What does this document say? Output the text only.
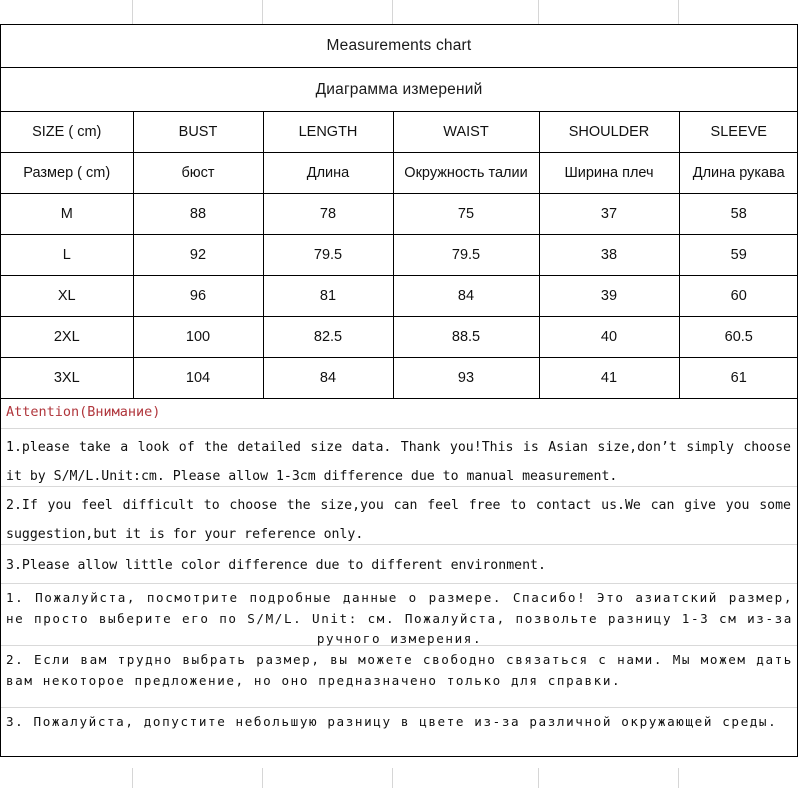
Measurements chart
Диаграмма измерений
SIZE ( cm)	BUST	LENGTH	WAIST	SHOULDER	SLEEVE
Размер ( cm)	бюст	Длина	Окружность талии	Ширина плеч	Длина рукава
M	88	78	75	37	58
L	92	79.5	79.5	38	59
XL	96	81	84	39	60
2XL	100	82.5	88.5	40	60.5
3XL	104	84	93	41	61
Attention(Внимание)
1.please take a look of the detailed size data. Thank you!This is Asian size,don’t simply choose it by S/M/L.Unit:cm. Please allow 1-3cm difference due to manual measurement.
2.If you feel difficult to choose the size,you can feel free to contact us.We can give you some suggestion,but it is for your reference only.
3.Please allow little color difference due to different environment.
1. Пожалуйста, посмотрите подробные данные о размере. Спасибо! Это азиатский размер, не просто выберите его по S/M/L. Unit: см. Пожалуйста, позвольте разницу 1-3 см из-за ручного измерения.
2. Если вам трудно выбрать размер, вы можете свободно связаться с нами. Мы можем дать вам некоторое предложение, но оно предназначено только для справки.
3. Пожалуйста, допустите небольшую разницу в цвете из-за различной окружающей среды.
